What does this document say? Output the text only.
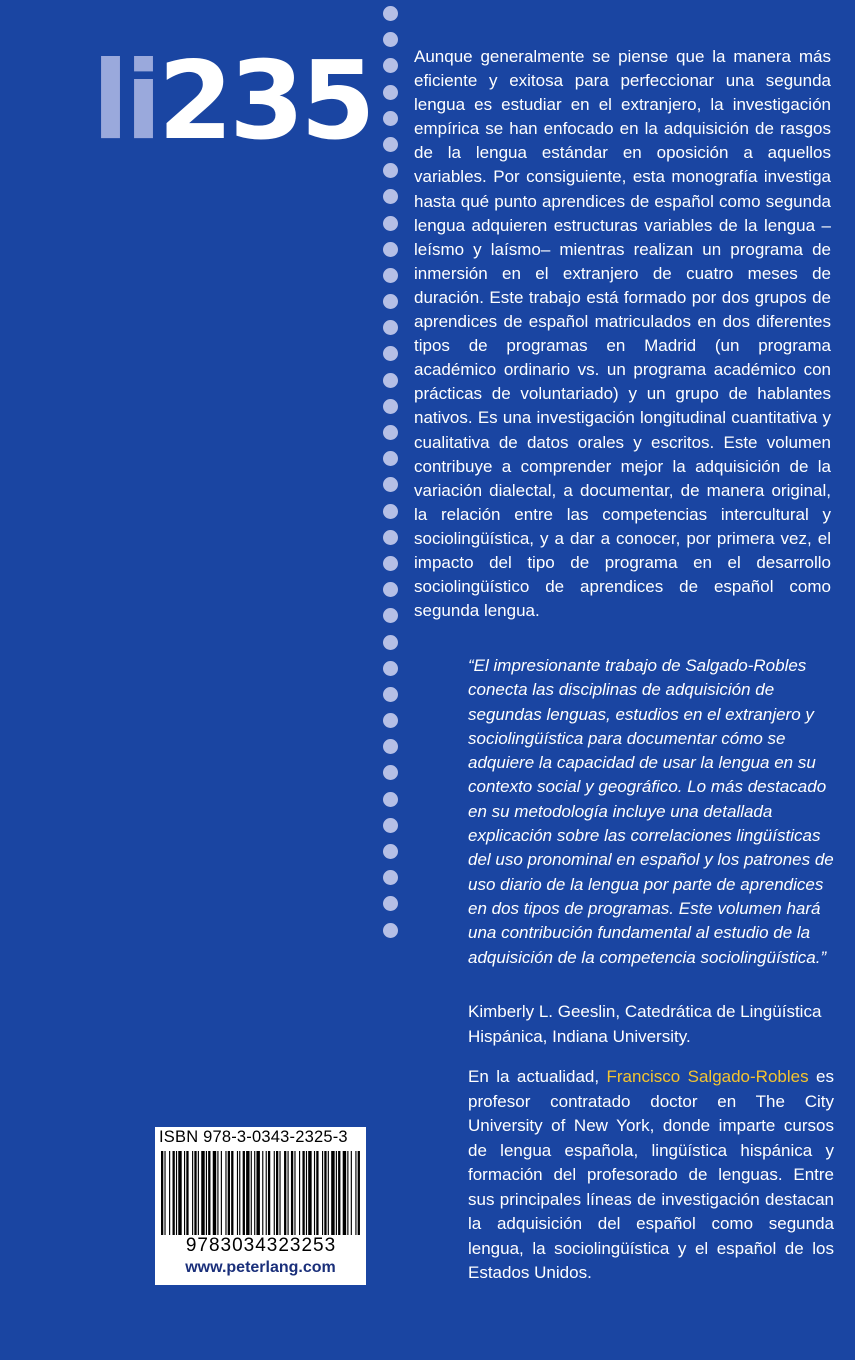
li235	Aunque generalmente se piense que la manera más eficiente y exitosa para perfeccionar una segunda lengua es estudiar en el extranjero, la investigación empírica se han enfocado en la adquisición de rasgos de la lengua estándar en oposición a aquellos variables. Por consiguiente, esta monografía investiga hasta qué punto aprendices de español como segunda lengua adquieren estructuras variables de la lengua –leísmo y laísmo– mientras realizan un programa de inmersión en el extranjero de cuatro meses de duración. Este trabajo está formado por dos grupos de aprendices de español matriculados en dos diferentes tipos de programas en Madrid (un programa académico ordinario vs. un programa académico con prácticas de voluntariado) y un grupo de hablantes nativos. Es una investigación longitudinal cuantitativa y cualitativa de datos orales y escritos. Este volumen contribuye a comprender mejor la adquisición de la variación dialectal, a documentar, de manera original, la relación entre las competencias intercultural y sociolingüística, y a dar a conocer, por primera vez, el impacto del tipo de programa en el desarrollo sociolingüístico de aprendices de español como segunda lengua.

“El impresionante trabajo de Salgado-Robles conecta las disciplinas de adquisición de segundas lenguas, estudios en el extranjero y sociolingüística para documentar cómo se adquiere la capacidad de usar la lengua en su contexto social y geográfico. Lo más destacado en su metodología incluye una detallada explicación sobre las correlaciones lingüísticas del uso pronominal en español y los patrones de uso diario de la lengua por parte de aprendices en dos tipos de programas. Este volumen hará una contribución fundamental al estudio de la adquisición de la competencia sociolingüística.”

Kimberly L. Geeslin, Catedrática de Lingüística Hispánica, Indiana University.

En la actualidad, Francisco Salgado-Robles es profesor contratado doctor en The City University of New York, donde imparte cursos de lengua española, lingüística hispánica y formación del profesorado de lenguas. Entre sus principales líneas de investigación destacan la adquisición del español como segunda lengua, la sociolingüística y el español de los Estados Unidos.

ISBN 978-3-0343-2325-3
9783034323253
www.peterlang.com
